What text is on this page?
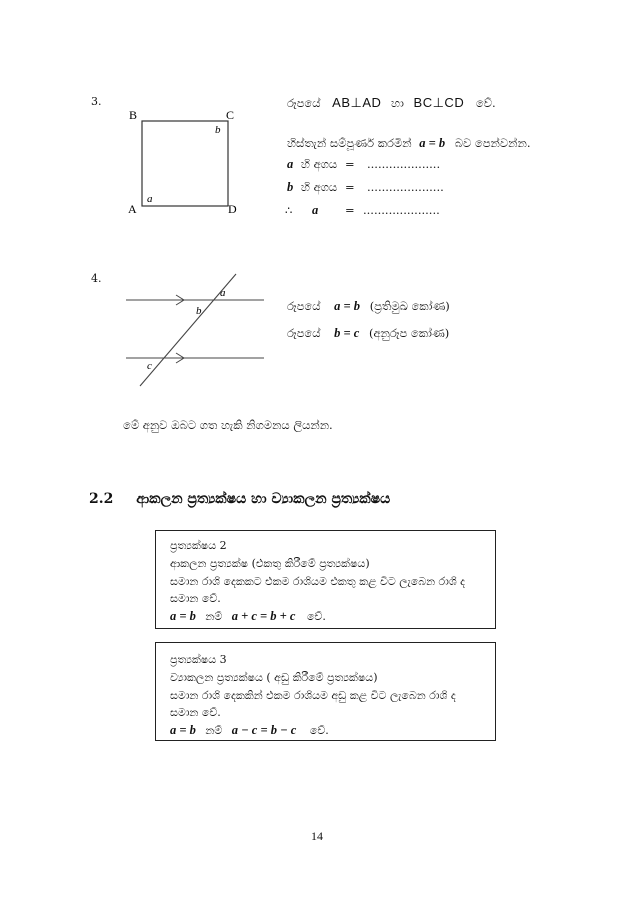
3.
B	C
A	D
a
b
රූපයේ AB⊥AD හා BC⊥CD වේ.
හිස්තැන් සම්පූර්ණ කරමින් a = b බව පෙන්වන්න.
a හි අගය = ....................
b හි අගය = .....................
∴ a = .....................
4.
a
b
c
රූපයේ a = b (ප්‍රතිමුඛ කෝණ)
රූපයේ b = c (අනුරූප කෝණ)
මේ අනුව ඔබට ගත හැකි නිගමනය ලියන්න.
2.2 ආකලන ප්‍රත්‍යක්ෂය හා ව්‍යාකලන ප්‍රත්‍යක්ෂය
ප්‍රත්‍යක්ෂය 2
ආකලන ප්‍රත්‍යක්ෂ (එකතු කිරීමේ ප්‍රත්‍යක්ෂය)
සමාන රාශි දෙකකට එකම රාශියම එකතු කළ විට ලැබෙන රාශි ද
සමාන වේ.
a = b නම් a + c = b + c වේ.
ප්‍රත්‍යක්ෂය 3
ව්‍යාකලන ප්‍රත්‍යක්ෂය ( අඩු කිරීමේ ප්‍රත්‍යක්ෂය)
සමාන රාශි දෙකකින් එකම රාශියම අඩු කළ විට ලැබෙන රාශි ද
සමාන වේ.
a = b නම් a − c = b − c වේ.
14
